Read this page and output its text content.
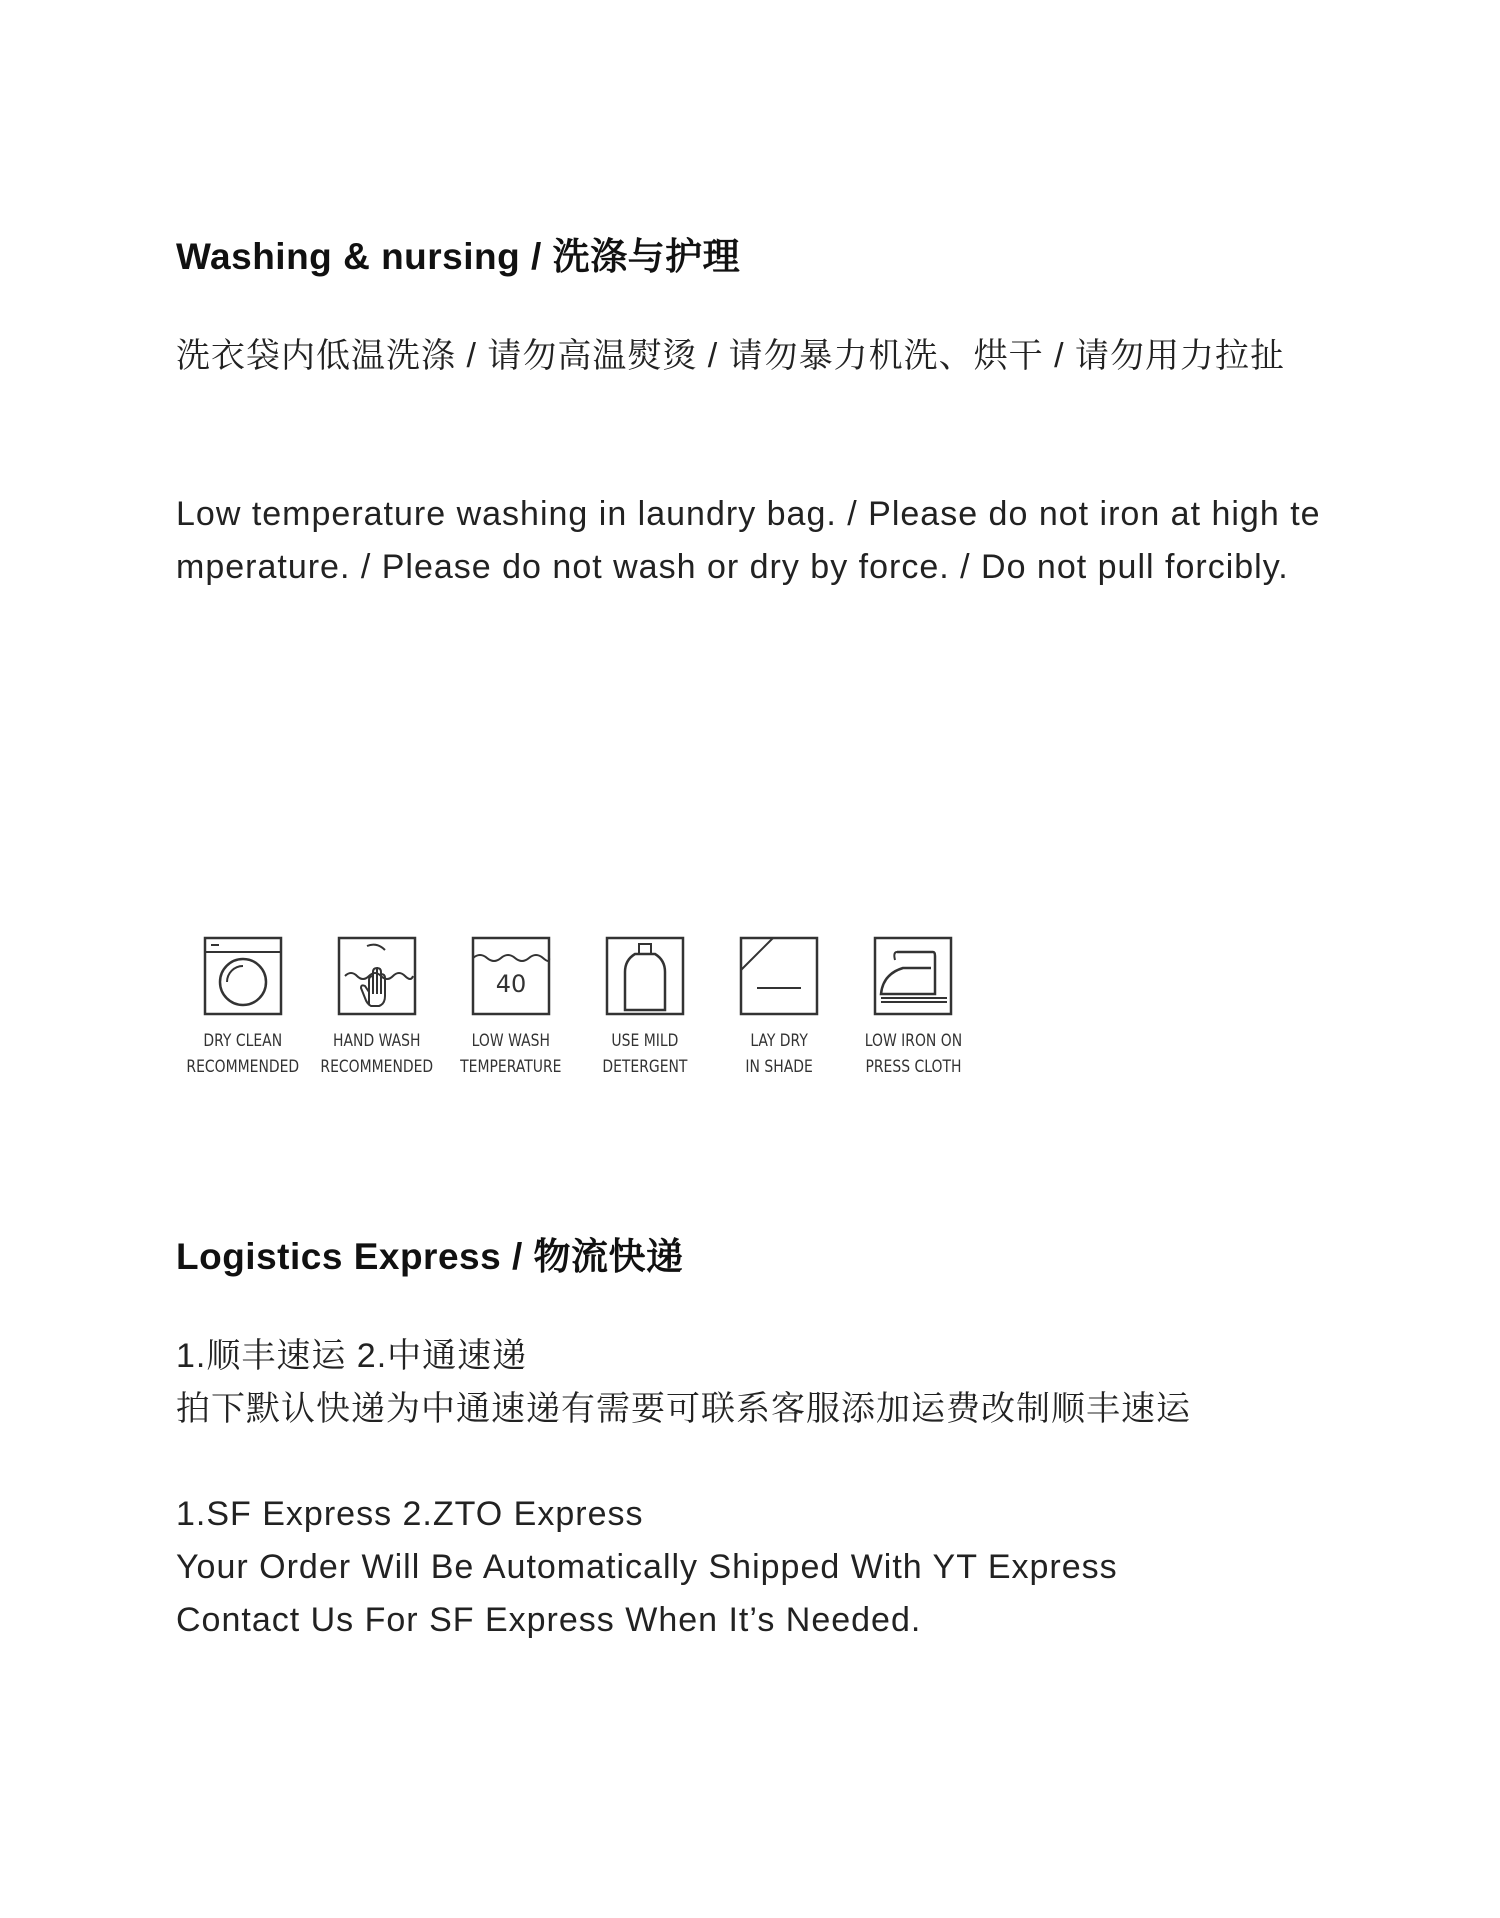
Washing & nursing / 洗涤与护理

洗衣袋内低温洗涤 / 请勿高温熨烫 / 请勿暴力机洗、烘干 / 请勿用力拉扯

Low temperature washing in laundry bag. / Please do not iron at high temperature. / Please do not wash or dry by force. / Do not pull forcibly.

DRY CLEAN
RECOMMENDED
HAND WASH
RECOMMENDED
40
LOW WASH
TEMPERATURE
USE MILD
DETERGENT
LAY DRY
IN SHADE
LOW IRON ON
PRESS CLOTH
Logistics Express / 物流快递
1.顺丰速运 2.中通速递
拍下默认快递为中通速递有需要可联系客服添加运费改制顺丰速运
1.SF Express 2.ZTO Express
Your Order Will Be Automatically Shipped With YT Express
Contact Us For SF Express When It’s Needed.
